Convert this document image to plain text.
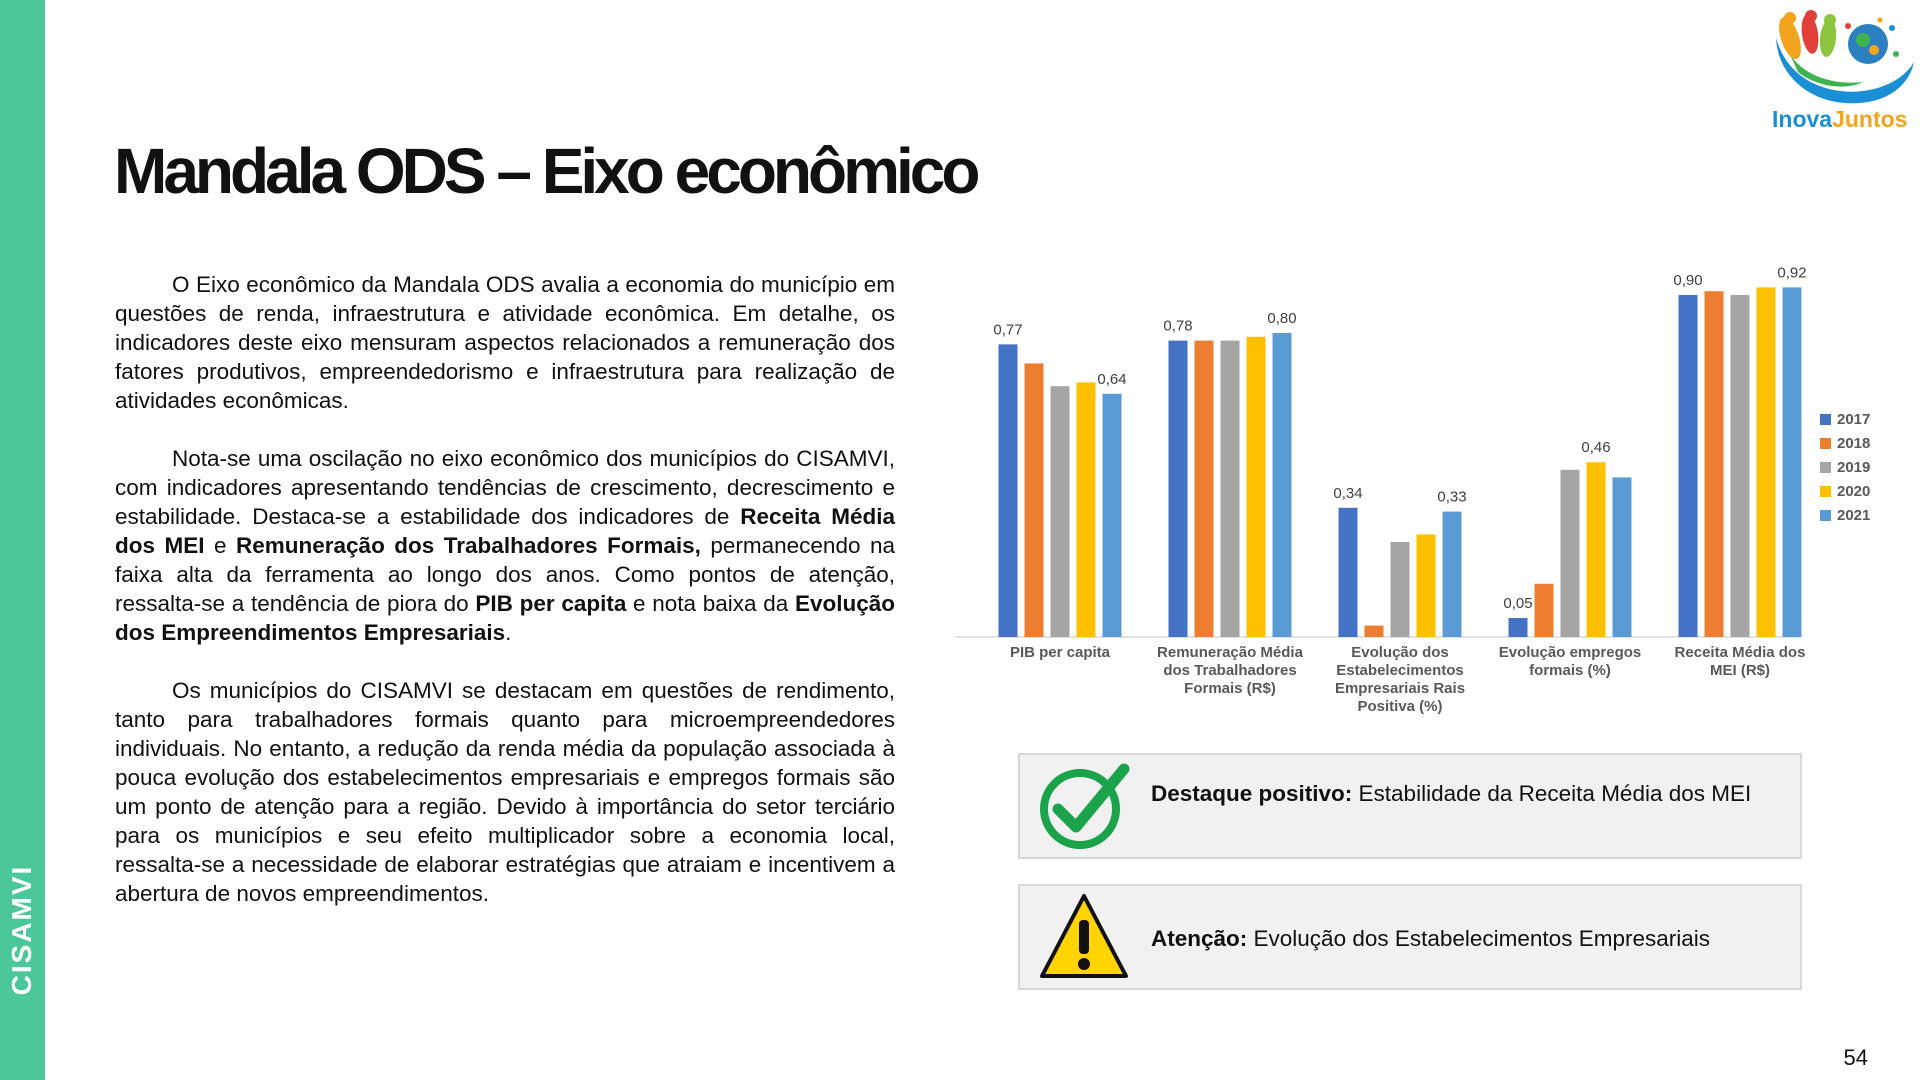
CISAMVI
InovaJuntos
Mandala ODS – Eixo econômico

O Eixo econômico da Mandala ODS avalia a economia do município em questões de renda, infraestrutura e atividade econômica. Em detalhe, os indicadores deste eixo mensuram aspectos relacionados a remuneração dos fatores produtivos, empreendedorismo e infraestrutura para realização de atividades econômicas.

Nota-se uma oscilação no eixo econômico dos municípios do CISAMVI, com indicadores apresentando tendências de crescimento, decrescimento e estabilidade. Destaca-se a estabilidade dos indicadores de Receita Média dos MEI e Remuneração dos Trabalhadores Formais, permanecendo na faixa alta da ferramenta ao longo dos anos. Como pontos de atenção, ressalta-se a tendência de piora do PIB per capita e nota baixa da Evolução dos Empreendimentos Empresariais.

Os municípios do CISAMVI se destacam em questões de rendimento, tanto para trabalhadores formais quanto para microempreendedores individuais. No entanto, a redução da renda média da população associada à pouca evolução dos estabelecimentos empresariais e empregos formais são um ponto de atenção para a região. Devido à importância do setor terciário para os municípios e seu efeito multiplicador sobre a economia local, ressalta-se a necessidade de elaborar estratégias que atraiam e incentivem a abertura de novos empreendimentos.

PIB per capita	Remuneração Média
dos Trabalhadores
Formais (R$)
Evolução dos
Estabelecimentos
Empresariais Rais
Positiva (%)
Evolução empregos
formais (%)
Receita Média dos
MEI (R$)
0,77
0,64
0,78	0,80
0,34	0,33
0,05
0,46
0,90	0,92
2017
2018
2019
2020
2021
Destaque positivo: Estabilidade da Receita Média dos MEI
Atenção: Evolução dos Estabelecimentos Empresariais
54
